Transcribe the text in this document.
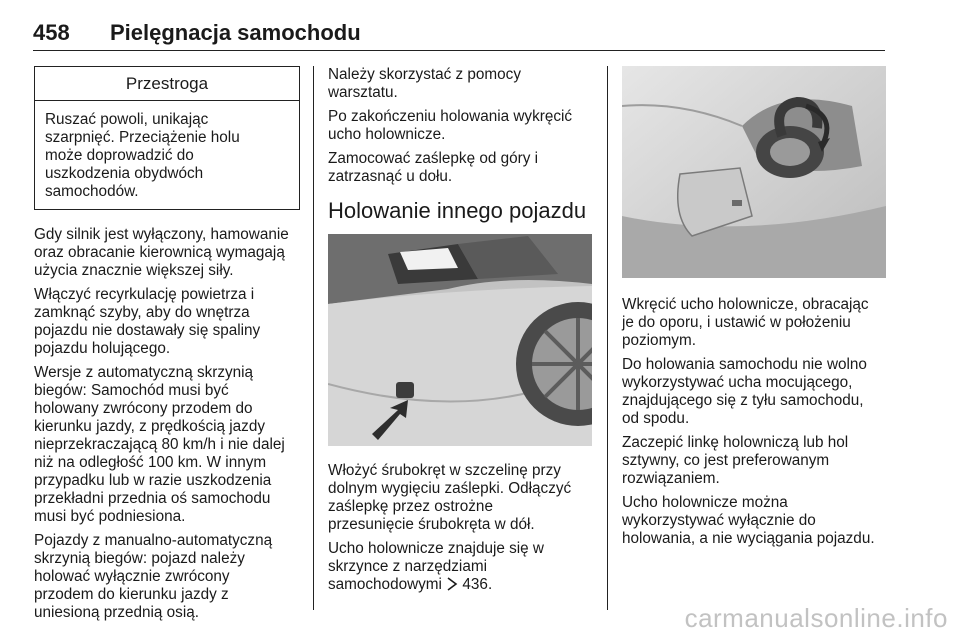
458 Pielęgnacja samochodu
Przestroga
Ruszać powoli, unikając
szarpnięć. Przeciążenie holu
może doprowadzić do
uszkodzenia obydwóch
samochodów.

Gdy silnik jest wyłączony, hamowanie
oraz obracanie kierownicą wymagają
użycia znacznie większej siły.

Włączyć recyrkulację powietrza i
zamknąć szyby, aby do wnętrza
pojazdu nie dostawały się spaliny
pojazdu holującego.

Wersje z automatyczną skrzynią
biegów: Samochód musi być
holowany zwrócony przodem do
kierunku jazdy, z prędkością jazdy
nieprzekraczającą 80 km/h i nie dalej
niż na odległość 100 km. W innym
przypadku lub w razie uszkodzenia
przekładni przednia oś samochodu
musi być podniesiona.

Pojazdy z manualno-automatyczną
skrzynią biegów: pojazd należy
holować wyłącznie zwrócony
przodem do kierunku jazdy z
uniesioną przednią osią.

Należy skorzystać z pomocy
warsztatu.

Po zakończeniu holowania wykręcić
ucho holownicze.

Zamocować zaślepkę od góry i
zatrzasnąć u dołu.

Holowanie innego pojazdu

Włożyć śrubokręt w szczelinę przy
dolnym wygięciu zaślepki. Odłączyć
zaślepkę przez ostrożne
przesunięcie śrubokręta w dół.

Ucho holownicze znajduje się w
skrzynce z narzędziami
samochodowymi 436.

Wkręcić ucho holownicze, obracając
je do oporu, i ustawić w położeniu
poziomym.

Do holowania samochodu nie wolno
wykorzystywać ucha mocującego,
znajdującego się z tyłu samochodu,
od spodu.

Zaczepić linkę holowniczą lub hol
sztywny, co jest preferowanym
rozwiązaniem.

Ucho holownicze można
wykorzystywać wyłącznie do
holowania, a nie wyciągania pojazdu.

carmanualsonline.info
